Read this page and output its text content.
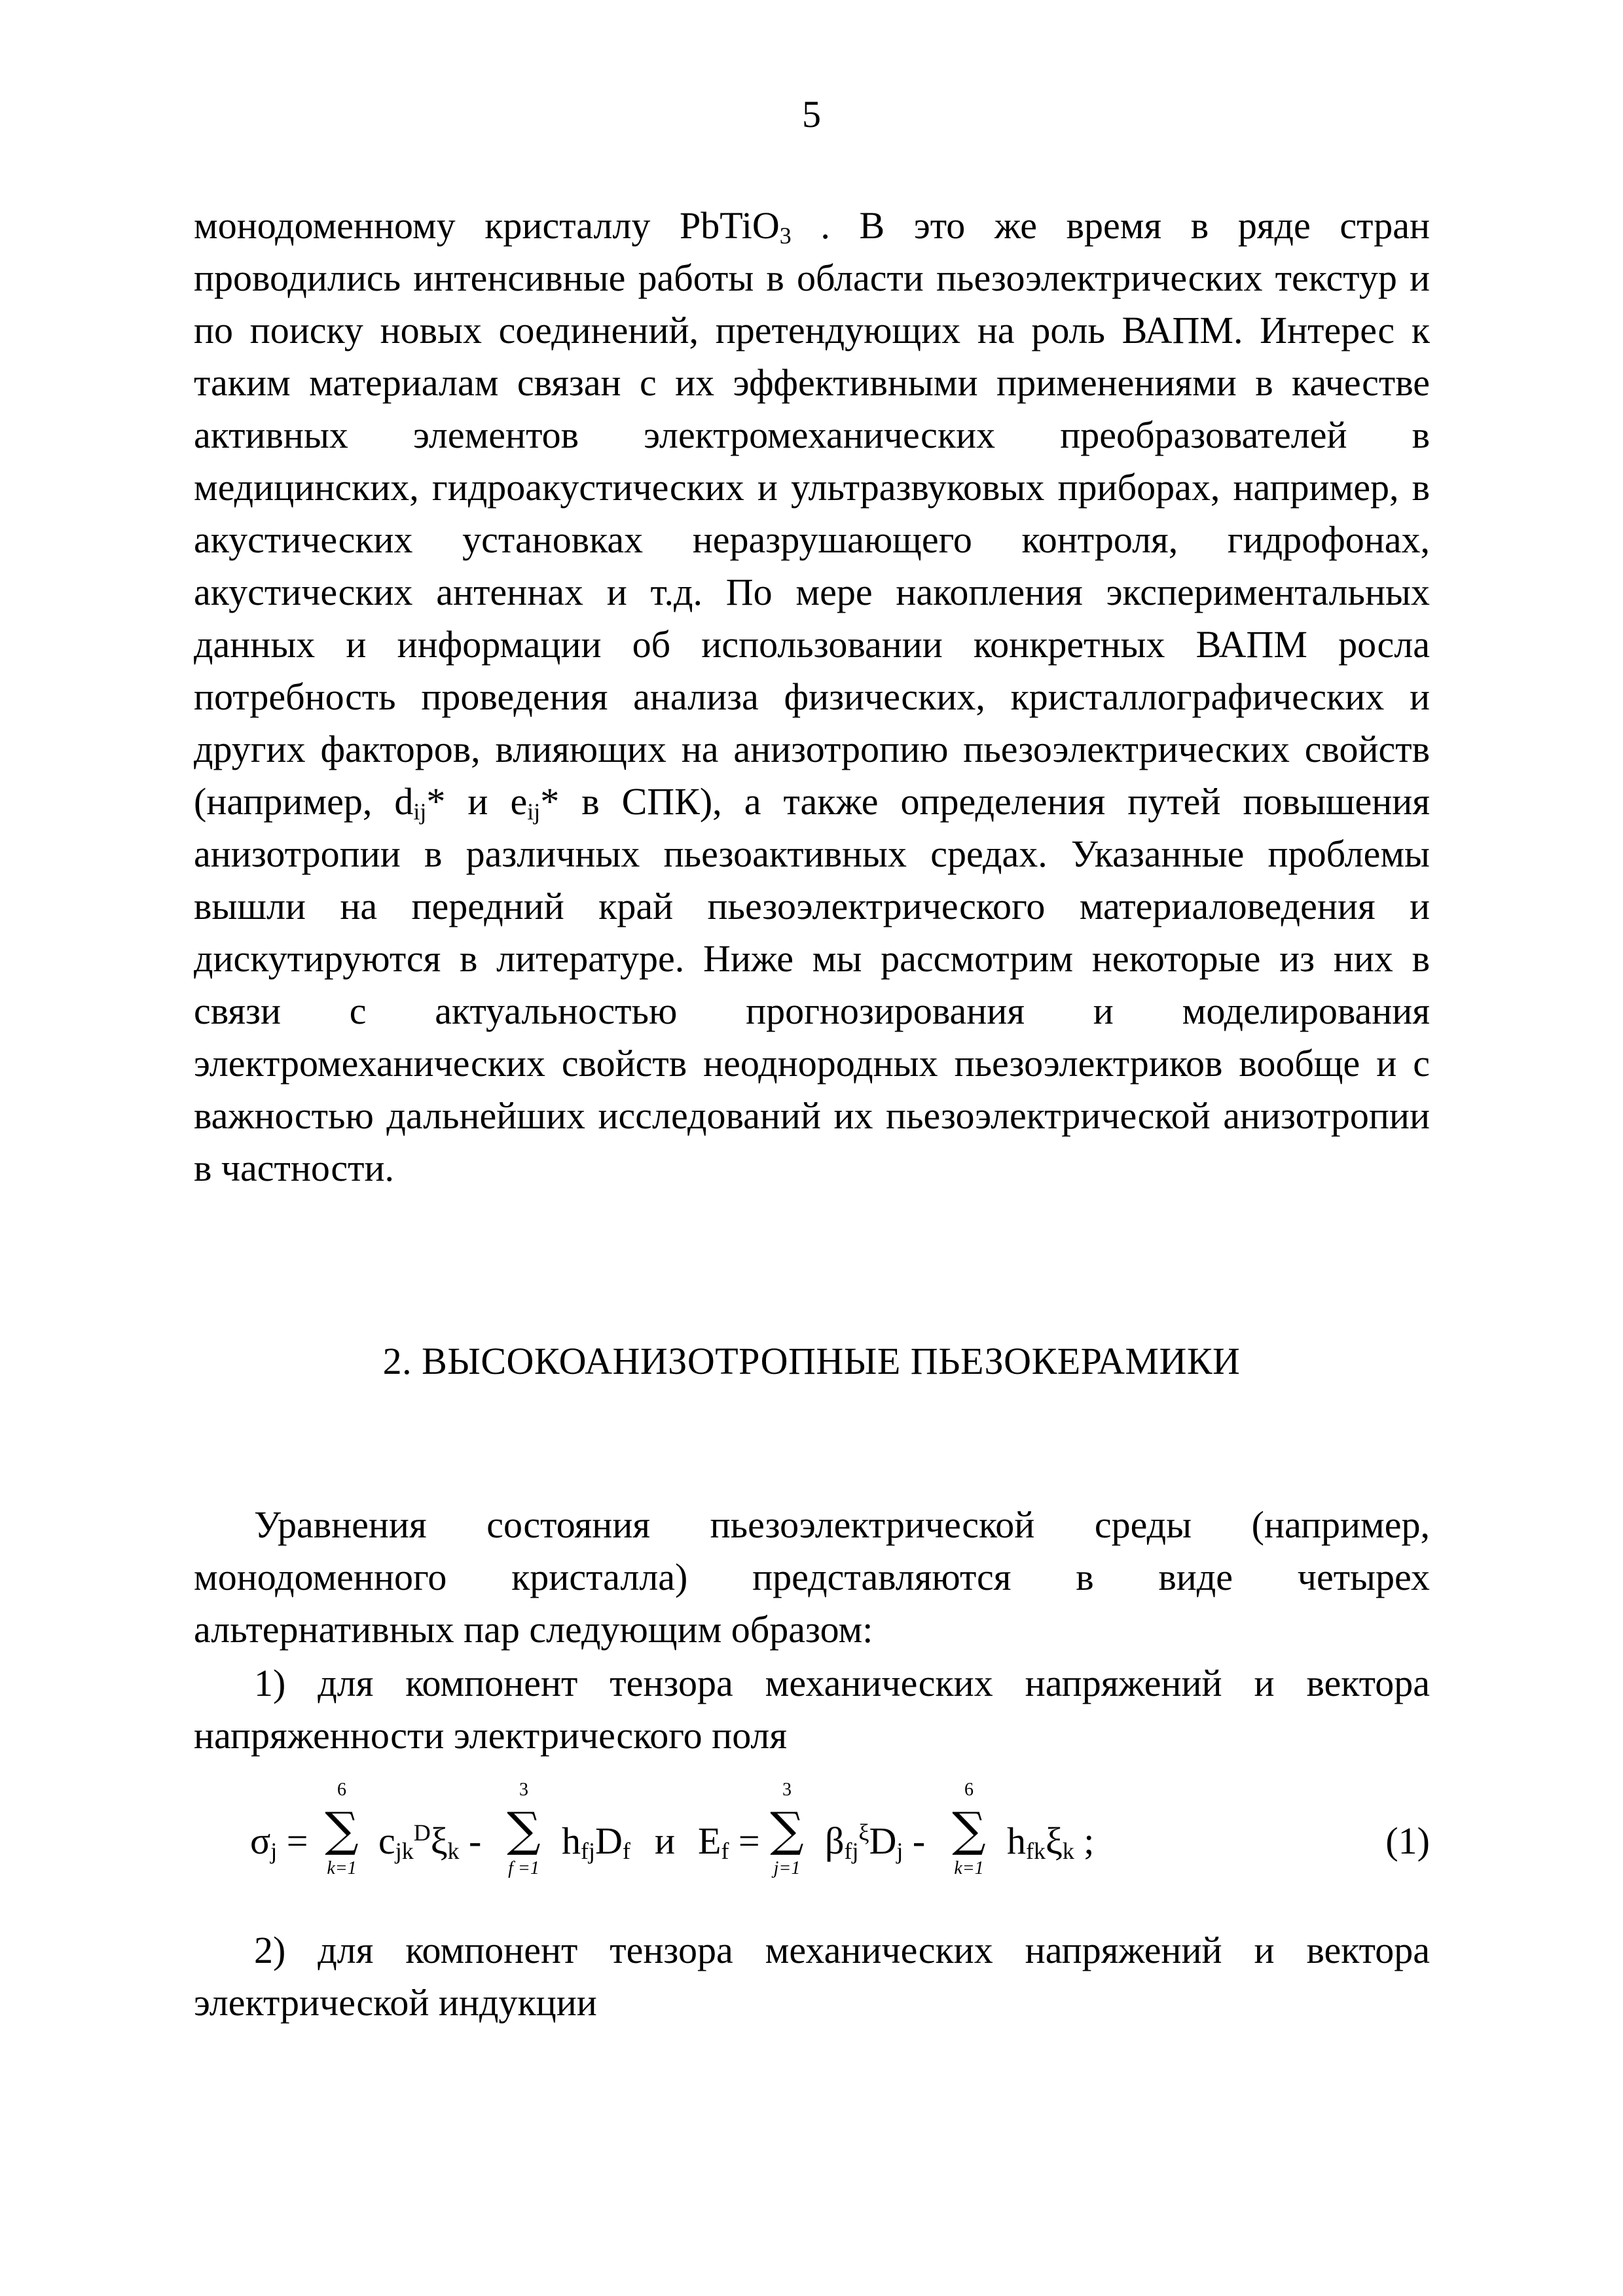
5
монодоменному кристаллу PbTiO$_3$ . В это же время в ряде стран
проводились интенсивные работы в области пьезоэлектрических текстур и
по поиску новых соединений, претендующих на роль ВАПМ. Интерес к
таким материалам связан с их эффективными применениями в качестве
активных элементов электромеханических преобразователей в
медицинских, гидроакустических и ультразвуковых приборах, например, в
акустических установках неразрушающего контроля, гидрофонах,
акустических антеннах и т.д. По мере накопления экспериментальных
данных и информации об использовании конкретных ВАПМ росла
потребность проведения анализа физических, кристаллографических и
других факторов, влияющих на анизотропию пьезоэлектрических свойств
(например, $d_{ij}*$ и $e_{ij}*$ в СПК), а также определения путей повышения
анизотропии в различных пьезоактивных средах. Указанные проблемы
вышли на передний край пьезоэлектрического материаловедения и
дискутируются в литературе. Ниже мы рассмотрим некоторые из них в
связи с актуальностью прогнозирования и моделирования
электромеханических свойств неоднородных пьезоэлектриков вообще и с
важностью дальнейших исследований их пьезоэлектрической анизотропии
в частности.
2. ВЫСОКОАНИЗОТРОПНЫЕ ПЬЕЗОКЕРАМИКИ
Уравнения состояния пьезоэлектрической среды (например,
монодоменного кристалла) представляются в виде четырех
альтернативных пар следующим образом:
1) для компонент тензора механических напряжений и вектора
напряженности электрического поля
$\sigma_j$ =
6
∑
k=1
$c_{jk}^D\xi_k$ -
3
∑
f =1
$h_{fj}D_f$ и $E_f$ =
3
∑
j=1
$\beta_{fj}^\xi D_j$ -
6
∑
k=1
$h_{fk}\xi_k$ ;	(1)
2) для компонент тензора механических напряжений и вектора
электрической индукции
